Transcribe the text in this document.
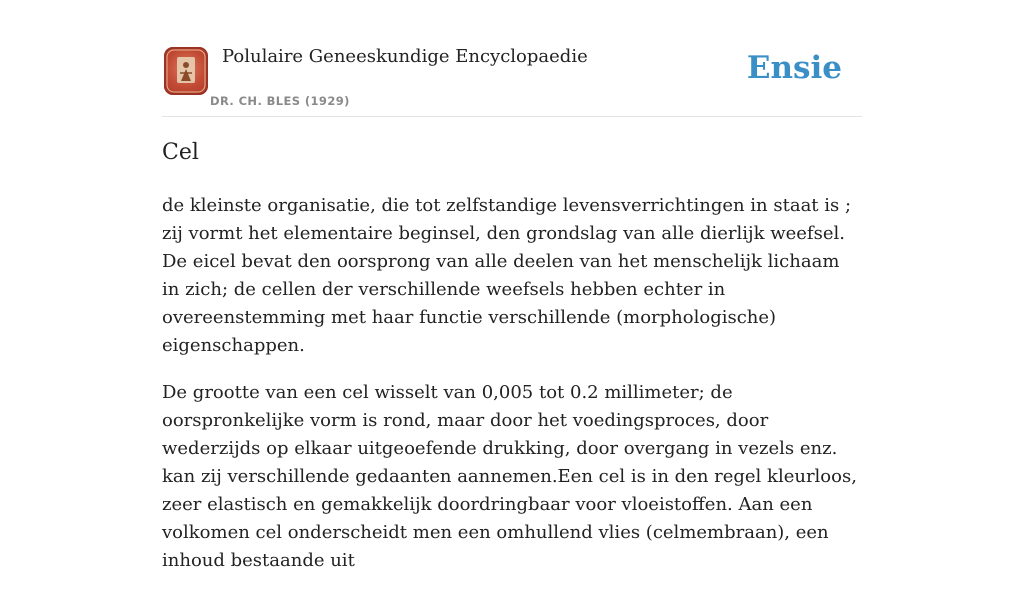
Polulaire Geneeskundige Encyclopaedie
DR. CH. BLES (1929)
Ensie
Cel

de kleinste organisatie, die tot zelfstandige levensverrichtingen in staat is ; zij vormt het elementaire beginsel, den grondslag van alle dierlijk weefsel. De eicel bevat den oorsprong van alle deelen van het menschelijk lichaam in zich; de cellen der verschillende weefsels hebben echter in overeenstemming met haar functie verschillende (morphologische) eigenschappen.

De grootte van een cel wisselt van 0,005 tot 0.2 millimeter; de oorspronkelijke vorm is rond, maar door het voedingsproces, door wederzijds op elkaar uitgeoefende drukking, door overgang in vezels enz. kan zij verschillende gedaanten aannemen.Een cel is in den regel kleurloos, zeer elastisch en gemakkelijk doordringbaar voor vloeistoffen. Aan een volkomen cel onderscheidt men een omhullend vlies (celmembraan), een inhoud bestaande uit
